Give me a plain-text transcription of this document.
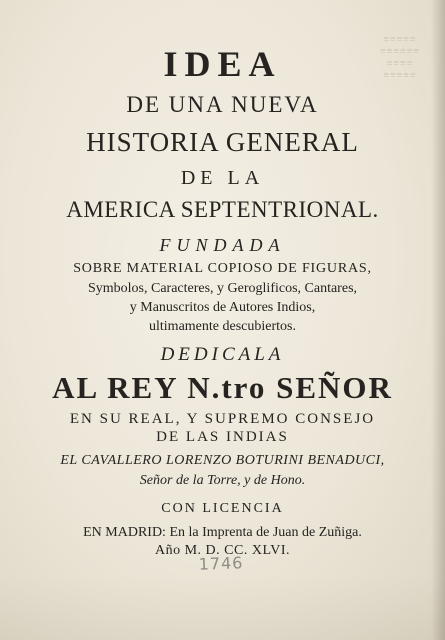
≡≡≡≡≡
≡≡≡≡≡≡
≡≡≡≡
≡≡≡≡≡
IDEA
DE UNA NUEVA
HISTORIA GENERAL
DE LA
AMERICA SEPTENTRIONAL.
FUNDADA
SOBRE MATERIAL COPIOSO DE FIGURAS,
Symbolos, Caracteres, y Geroglificos, Cantares,
y Manuscritos de Autores Indios,
ultimamente descubiertos.
DEDICALA
AL REY N.tro SEÑOR
EN SU REAL, Y SUPREMO CONSEJO
DE LAS INDIAS
EL CAVALLERO LORENZO BOTURINI BENADUCI,
Señor de la Torre, y de Hono.
CON LICENCIA
EN MADRID: En la Imprenta de Juan de Zuñiga.
Año M. D. CC. XLVI.
1746
